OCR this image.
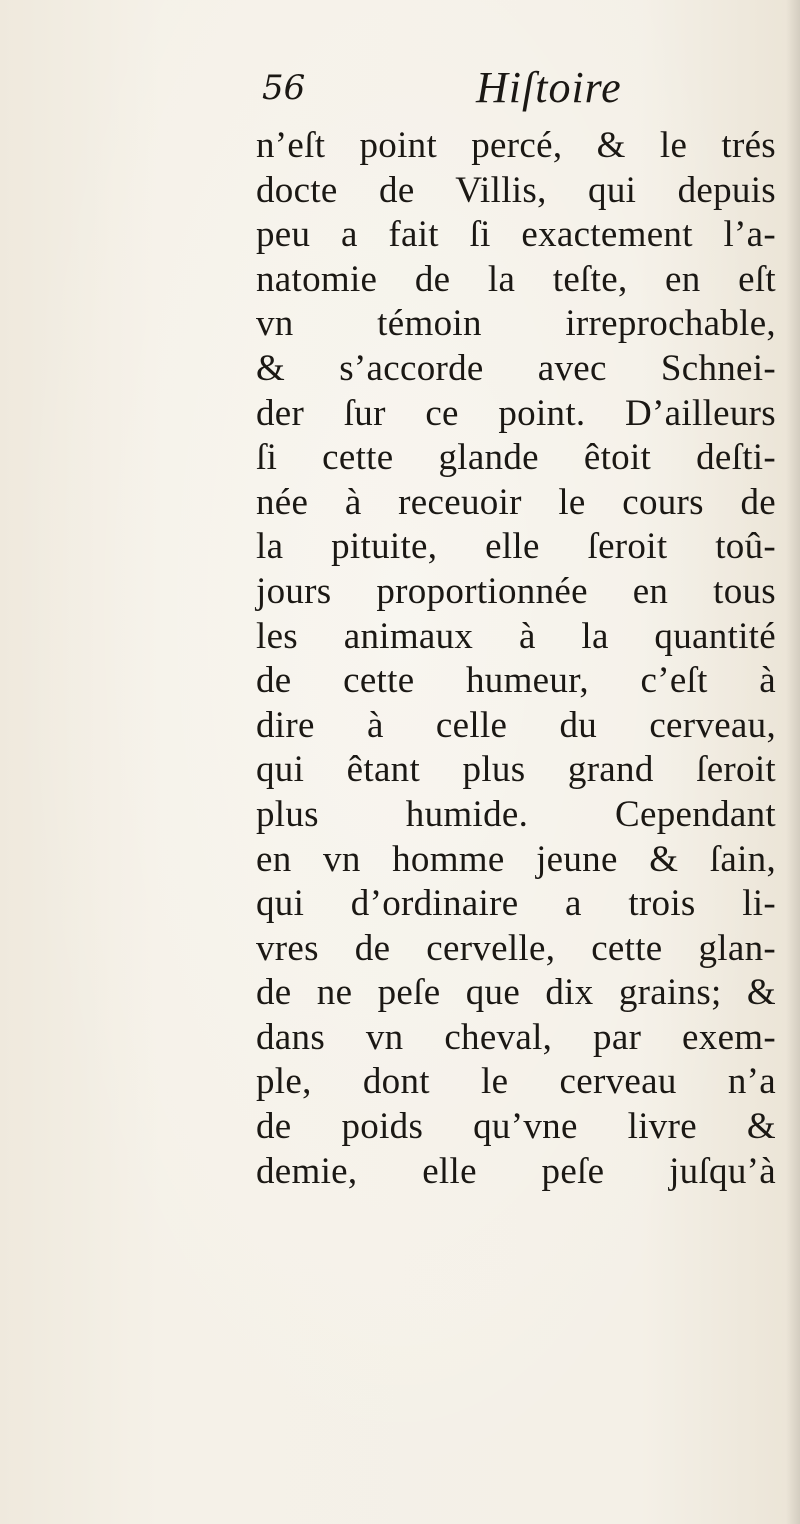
56	Hiſtoire
n’eſt point percé, & le trés
docte de Villis, qui depuis
peu a fait ſi exactement l’a-
natomie de la teſte, en eſt
vn témoin irreprochable,
& s’accorde avec Schnei-
der ſur ce point. D’ailleurs
ſi cette glande êtoit deſti-
née à receuoir le cours de
la pituite, elle ſeroit toû-
jours proportionnée en tous
les animaux à la quantité
de cette humeur, c’eſt à
dire à celle du cerveau,
qui êtant plus grand ſeroit
plus humide. Cependant
en vn homme jeune & ſain,
qui d’ordinaire a trois li-
vres de cervelle, cette glan-
de ne peſe que dix grains; &
dans vn cheval, par exem-
ple, dont le cerveau n’a
de poids qu’vne livre &
demie, elle peſe juſqu’à
